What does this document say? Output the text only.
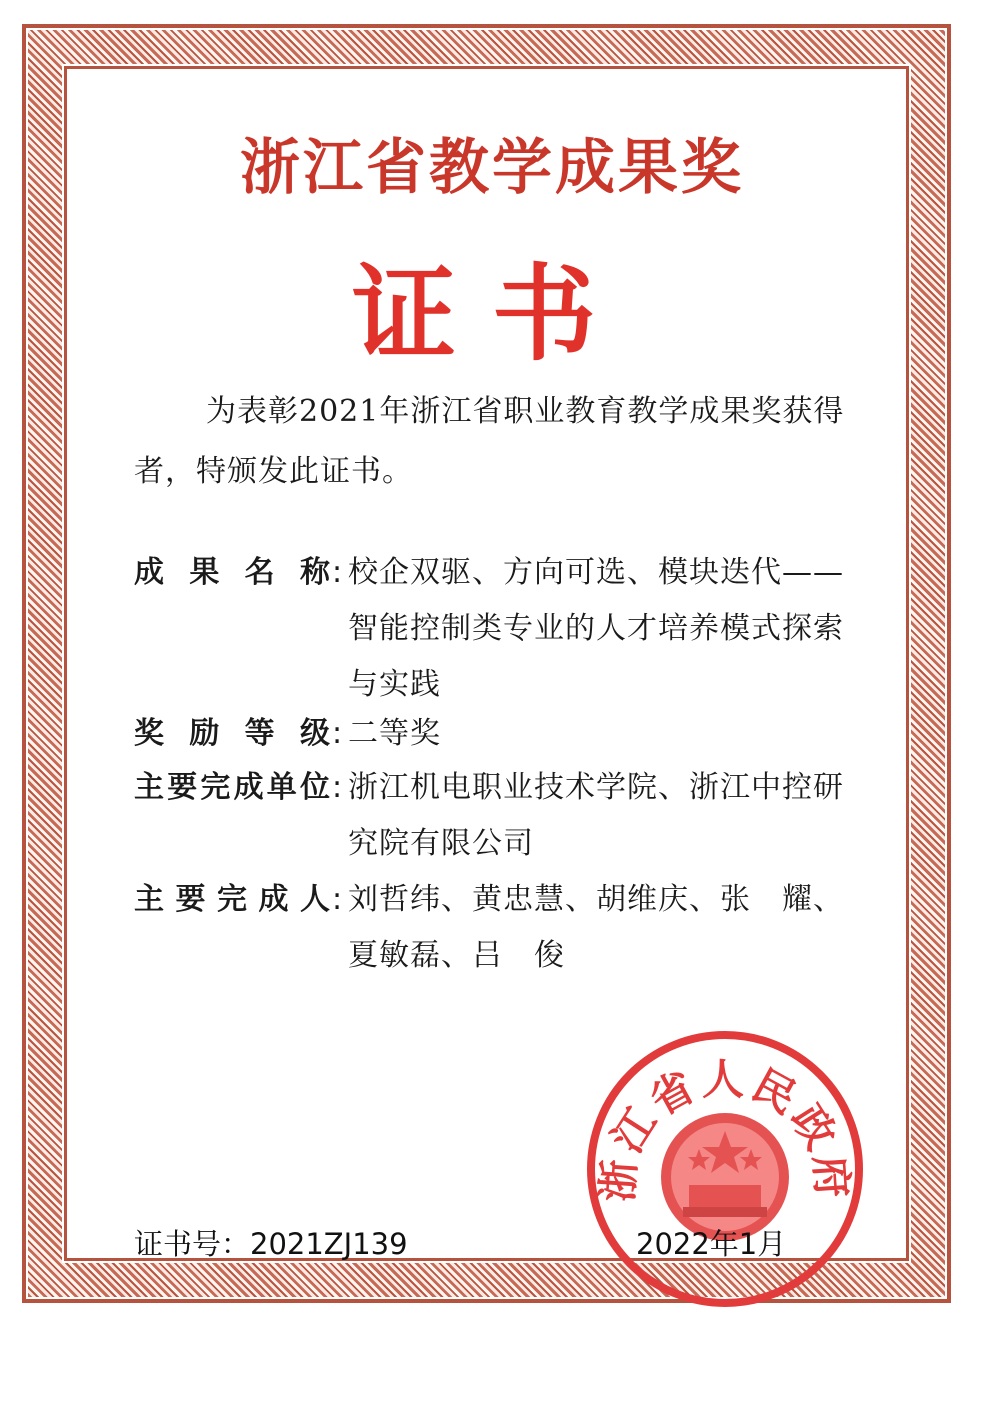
浙江省教学成果奖
证书
为表彰2021年浙江省职业教育教学成果奖获得者，特颁发此证书。
成果名称 : 校企双驱、方向可选、模块迭代——智能控制类专业的人才培养模式探索与实践
奖励等级 : 二等奖
主要完成单位 : 浙江机电职业技术学院、浙江中控研究院有限公司
主要完成人 : 刘哲纬、黄忠慧、胡维庆、张　耀、夏敏磊、吕　俊
浙江省人民政府
证书号：2021ZJ139	2022年1月
